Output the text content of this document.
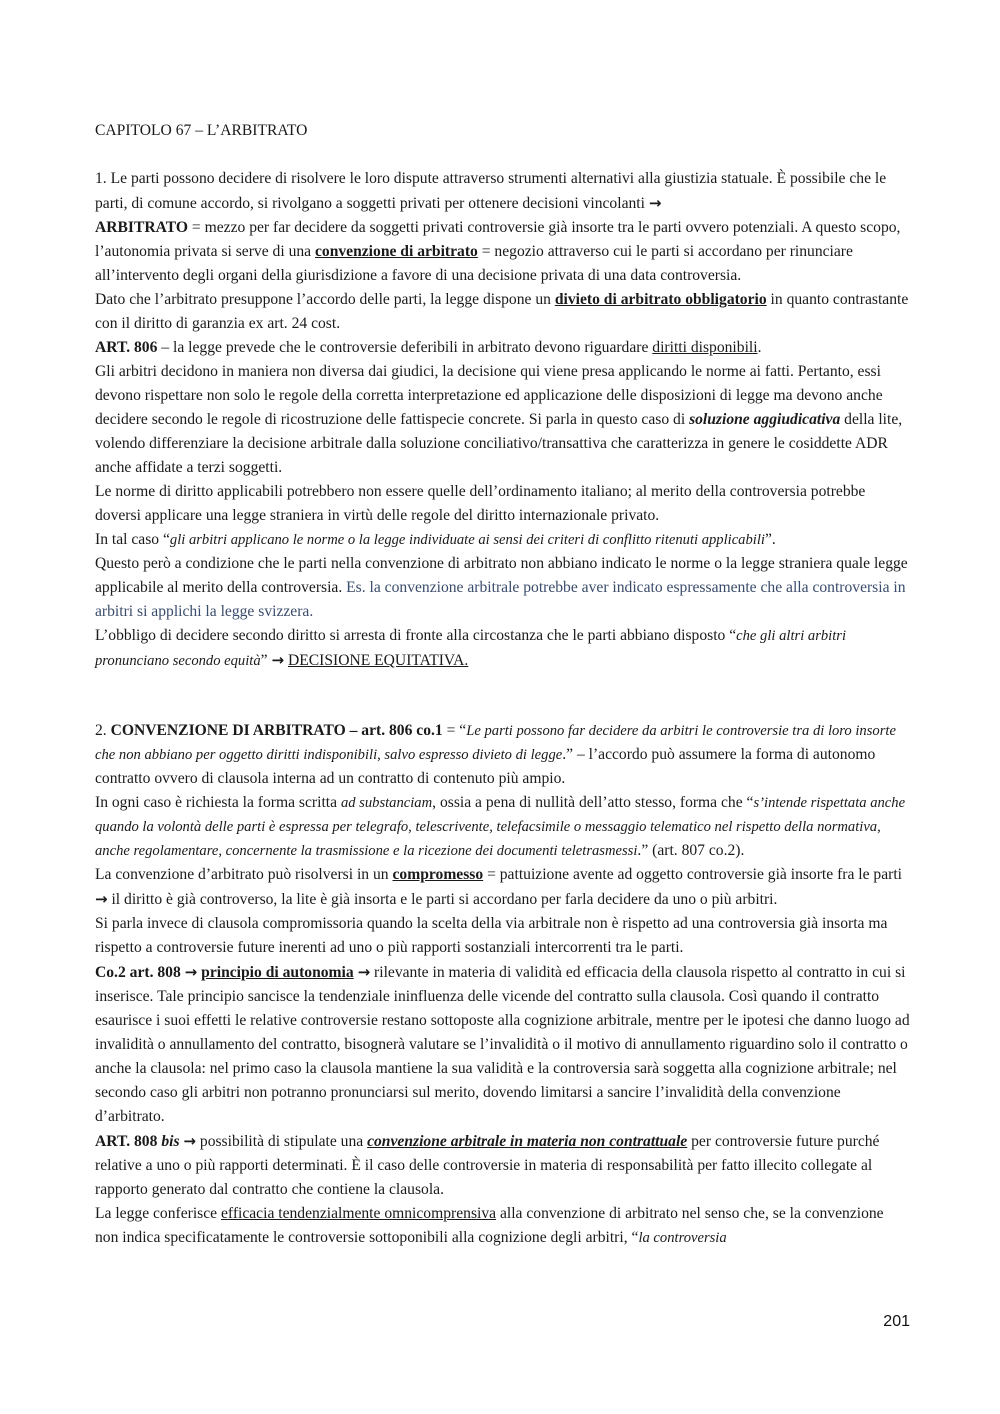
CAPITOLO 67 – L’ARBITRATO
1. Le parti possono decidere di risolvere le loro dispute attraverso strumenti alternativi alla giustizia statuale. È possibile che le parti, di comune accordo, si rivolgano a soggetti privati per ottenere decisioni vincolanti →
ARBITRATO = mezzo per far decidere da soggetti privati controversie già insorte tra le parti ovvero potenziali. A questo scopo, l’autonomia privata si serve di una convenzione di arbitrato = negozio attraverso cui le parti si accordano per rinunciare all’intervento degli organi della giurisdizione a favore di una decisione privata di una data controversia.
Dato che l’arbitrato presuppone l’accordo delle parti, la legge dispone un divieto di arbitrato obbligatorio in quanto contrastante con il diritto di garanzia ex art. 24 cost.
ART. 806 – la legge prevede che le controversie deferibili in arbitrato devono riguardare diritti disponibili.
Gli arbitri decidono in maniera non diversa dai giudici, la decisione qui viene presa applicando le norme ai fatti. Pertanto, essi devono rispettare non solo le regole della corretta interpretazione ed applicazione delle disposizioni di legge ma devono anche decidere secondo le regole di ricostruzione delle fattispecie concrete. Si parla in questo caso di soluzione aggiudicativa della lite, volendo differenziare la decisione arbitrale dalla soluzione conciliativo/transattiva che caratterizza in genere le cosiddette ADR anche affidate a terzi soggetti.
Le norme di diritto applicabili potrebbero non essere quelle dell’ordinamento italiano; al merito della controversia potrebbe doversi applicare una legge straniera in virtù delle regole del diritto internazionale privato.
In tal caso “gli arbitri applicano le norme o la legge individuate ai sensi dei criteri di conflitto ritenuti applicabili”.
Questo però a condizione che le parti nella convenzione di arbitrato non abbiano indicato le norme o la legge straniera quale legge applicabile al merito della controversia. Es. la convenzione arbitrale potrebbe aver indicato espressamente che alla controversia in arbitri si applichi la legge svizzera.
L’obbligo di decidere secondo diritto si arresta di fronte alla circostanza che le parti abbiano disposto “che gli altri arbitri pronunciano secondo equità” → DECISIONE EQUITATIVA.
2. CONVENZIONE DI ARBITRATO – art. 806 co.1 = “Le parti possono far decidere da arbitri le controversie tra di loro insorte che non abbiano per oggetto diritti indisponibili, salvo espresso divieto di legge.” – l’accordo può assumere la forma di autonomo contratto ovvero di clausola interna ad un contratto di contenuto più ampio.
In ogni caso è richiesta la forma scritta ad substanciam, ossia a pena di nullità dell’atto stesso, forma che “s’intende rispettata anche quando la volontà delle parti è espressa per telegrafo, telescrivente, telefacsimile o messaggio telematico nel rispetto della normativa, anche regolamentare, concernente la trasmissione e la ricezione dei documenti teletrasmessi.” (art. 807 co.2).
La convenzione d’arbitrato può risolversi in un compromesso = pattuizione avente ad oggetto controversie già insorte fra le parti → il diritto è già controverso, la lite è già insorta e le parti si accordano per farla decidere da uno o più arbitri.
Si parla invece di clausola compromissoria quando la scelta della via arbitrale non è rispetto ad una controversia già insorta ma rispetto a controversie future inerenti ad uno o più rapporti sostanziali intercorrenti tra le parti.
Co.2 art. 808 → principio di autonomia → rilevante in materia di validità ed efficacia della clausola rispetto al contratto in cui si inserisce. Tale principio sancisce la tendenziale ininfluenza delle vicende del contratto sulla clausola. Così quando il contratto esaurisce i suoi effetti le relative controversie restano sottoposte alla cognizione arbitrale, mentre per le ipotesi che danno luogo ad invalidità o annullamento del contratto, bisognerà valutare se l’invalidità o il motivo di annullamento riguardino solo il contratto o anche la clausola: nel primo caso la clausola mantiene la sua validità e la controversia sarà soggetta alla cognizione arbitrale; nel secondo caso gli arbitri non potranno pronunciarsi sul merito, dovendo limitarsi a sancire l’invalidità della convenzione d’arbitrato.
ART. 808 bis → possibilità di stipulate una convenzione arbitrale in materia non contrattuale per controversie future purché relative a uno o più rapporti determinati. È il caso delle controversie in materia di responsabilità per fatto illecito collegate al rapporto generato dal contratto che contiene la clausola.
La legge conferisce efficacia tendenzialmente omnicomprensiva alla convenzione di arbitrato nel senso che, se la convenzione non indica specificatamente le controversie sottoponibili alla cognizione degli arbitri, “la controversia
201
